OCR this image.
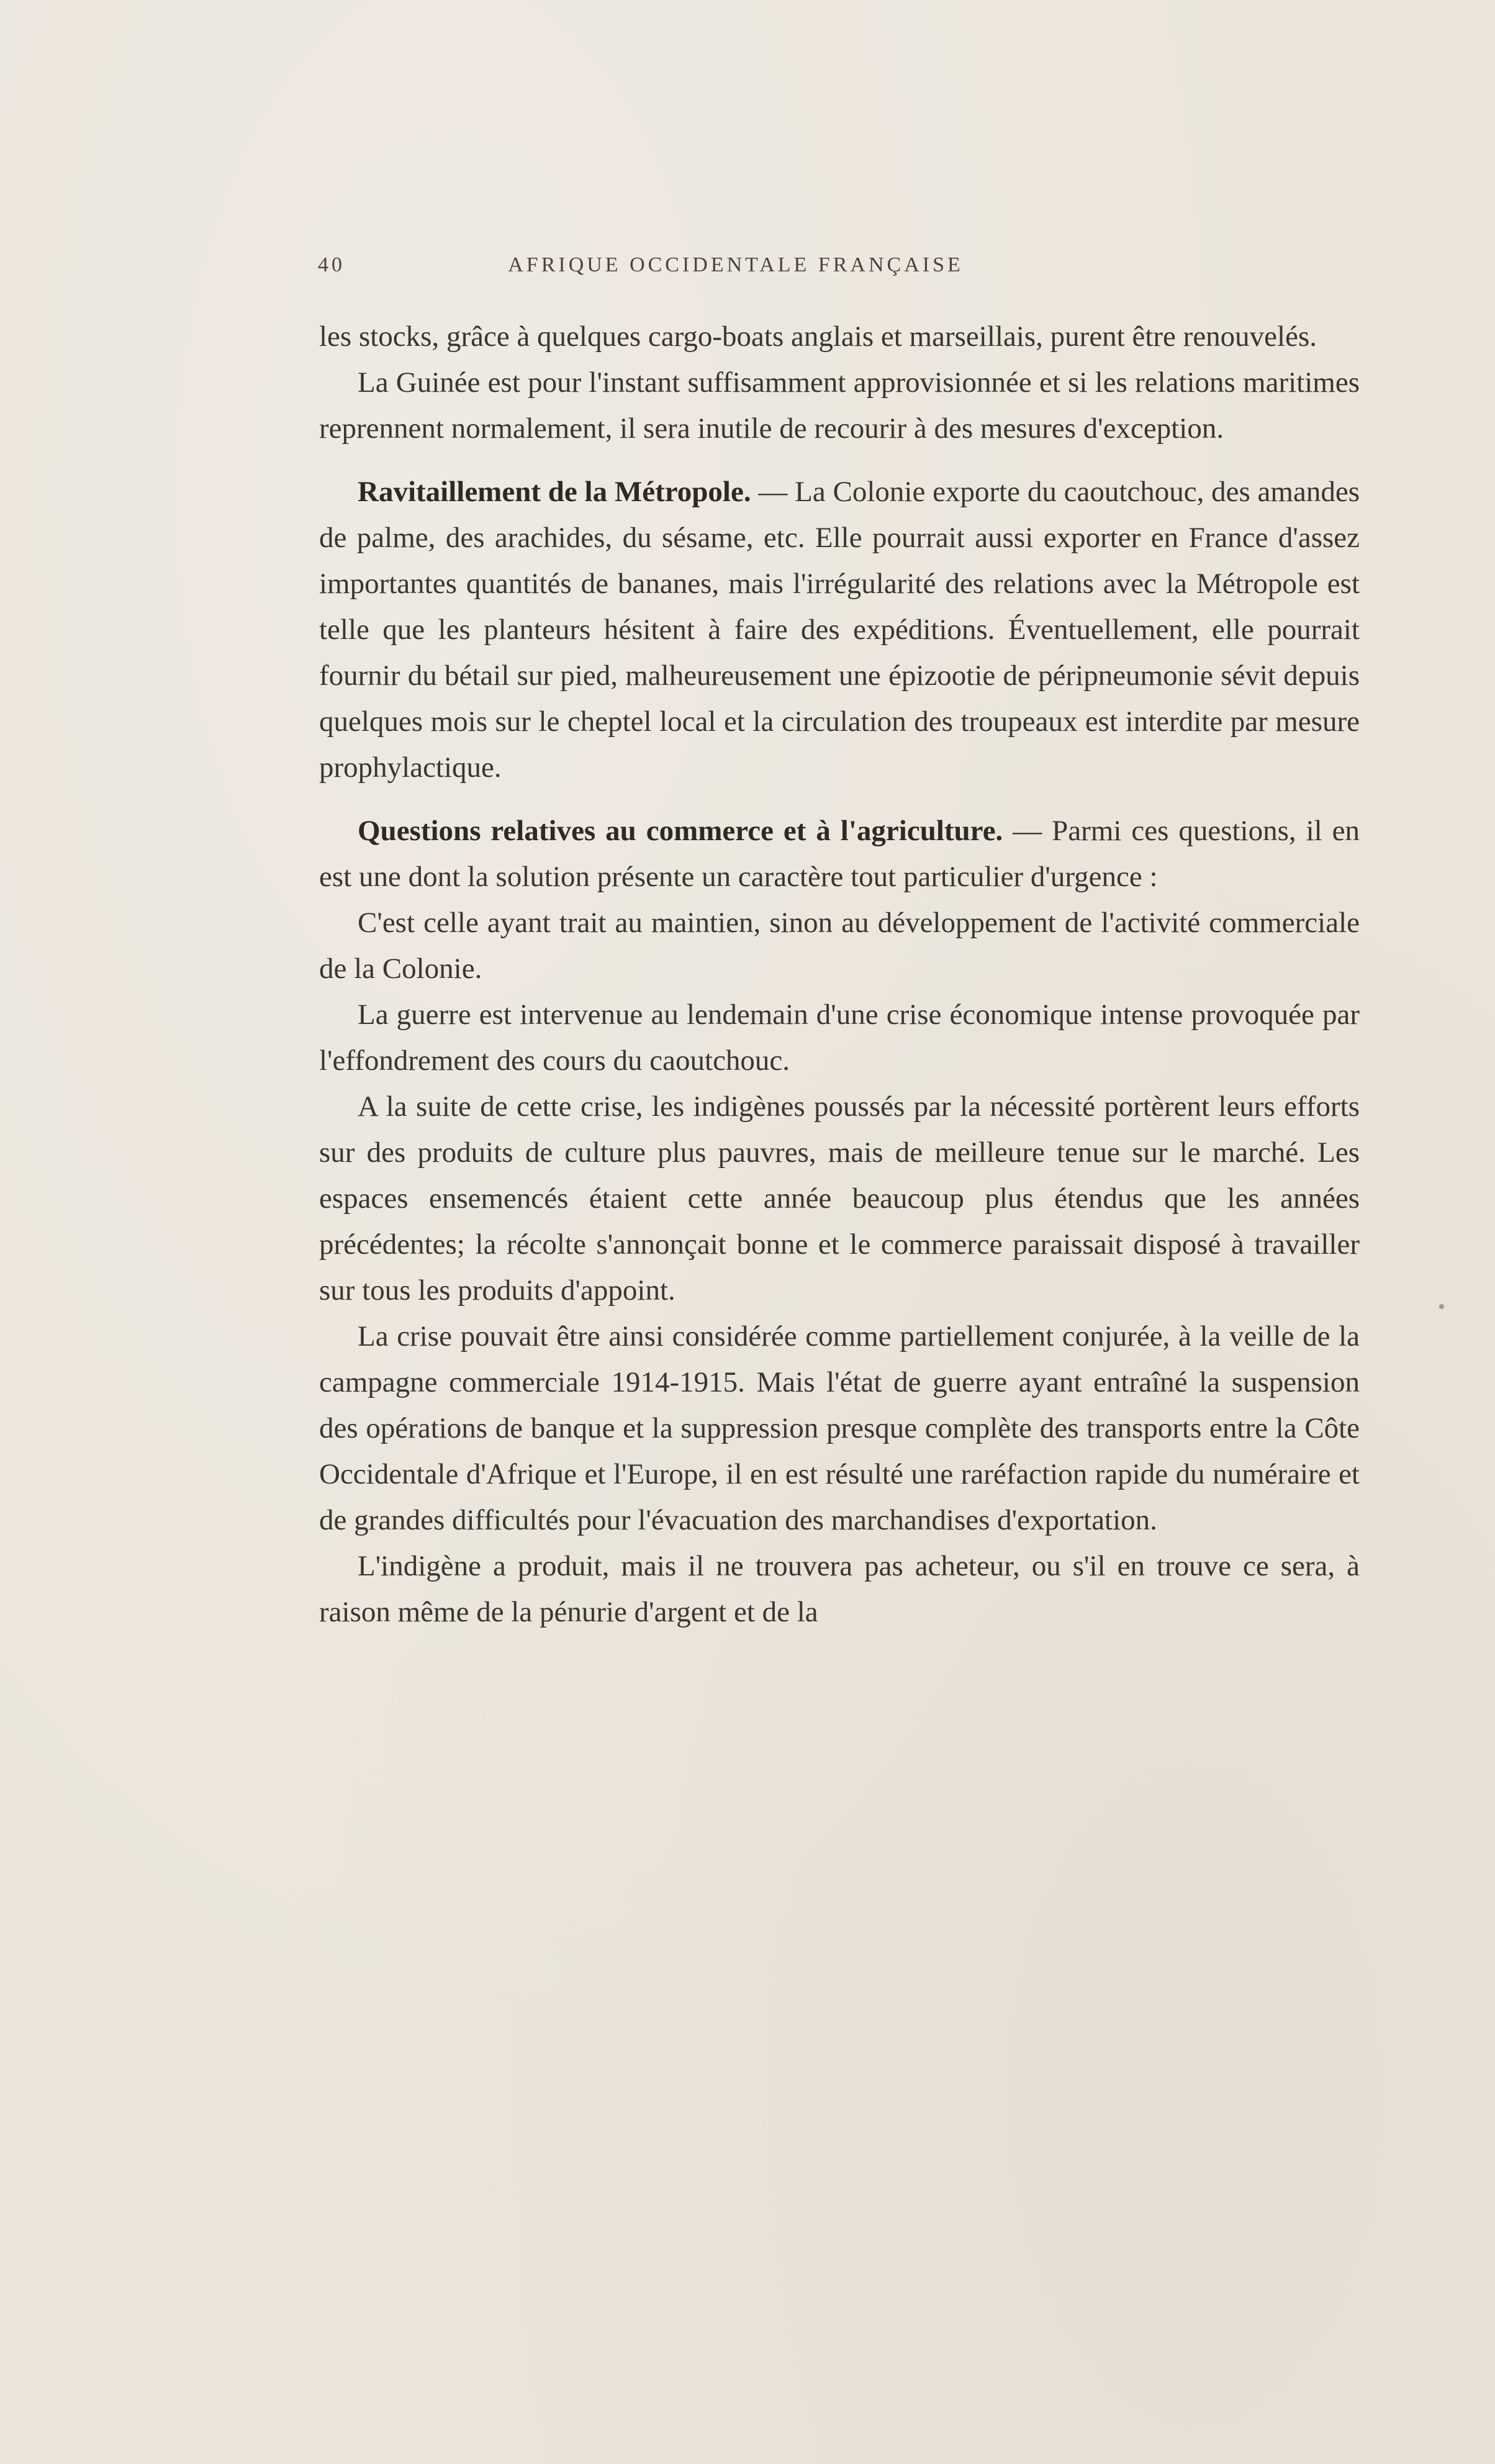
40	AFRIQUE OCCIDENTALE FRANÇAISE

les stocks, grâce à quelques cargo-boats anglais et marseillais, purent être renouvelés.

La Guinée est pour l'instant suffisamment approvisionnée et si les relations maritimes reprennent normalement, il sera inutile de recourir à des mesures d'exception.

Ravitaillement de la Métropole. — La Colonie exporte du caoutchouc, des amandes de palme, des arachides, du sésame, etc. Elle pourrait aussi exporter en France d'assez importantes quantités de bananes, mais l'irrégularité des relations avec la Métropole est telle que les planteurs hésitent à faire des expéditions. Éventuellement, elle pourrait fournir du bétail sur pied, malheureusement une épizootie de péripneumonie sévit depuis quelques mois sur le cheptel local et la circulation des troupeaux est interdite par mesure prophylactique.

Questions relatives au commerce et à l'agriculture. — Parmi ces questions, il en est une dont la solution présente un caractère tout particulier d'urgence :

C'est celle ayant trait au maintien, sinon au développement de l'activité commerciale de la Colonie.

La guerre est intervenue au lendemain d'une crise économique intense provoquée par l'effondrement des cours du caoutchouc.

A la suite de cette crise, les indigènes poussés par la nécessité portèrent leurs efforts sur des produits de culture plus pauvres, mais de meilleure tenue sur le marché. Les espaces ensemencés étaient cette année beaucoup plus étendus que les années précédentes; la récolte s'annonçait bonne et le commerce paraissait disposé à travailler sur tous les produits d'appoint.

La crise pouvait être ainsi considérée comme partiellement conjurée, à la veille de la campagne commerciale 1914-1915. Mais l'état de guerre ayant entraîné la suspension des opérations de banque et la suppression presque complète des transports entre la Côte Occidentale d'Afrique et l'Europe, il en est résulté une raréfaction rapide du numéraire et de grandes difficultés pour l'évacuation des marchandises d'exportation.

L'indigène a produit, mais il ne trouvera pas acheteur, ou s'il en trouve ce sera, à raison même de la pénurie d'argent et de la
